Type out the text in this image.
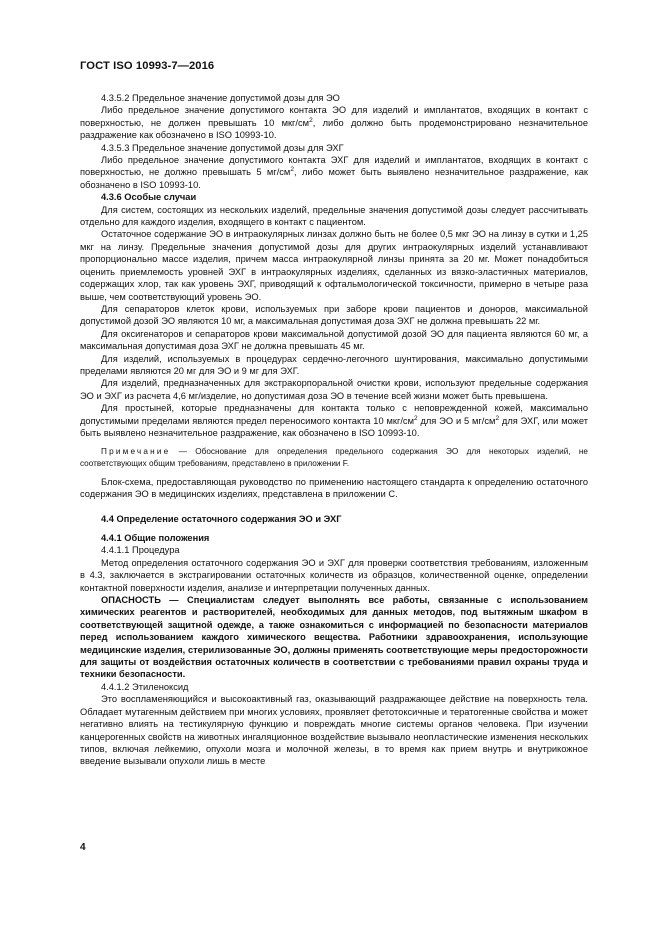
ГОСТ ISO 10993-7—2016

4.3.5.2 Предельное значение допустимой дозы для ЭО

Либо предельное значение допустимого контакта ЭО для изделий и имплантатов, входящих в контакт с поверхностью, не должен превышать 10 мкг/$см^2$, либо должно быть продемонстрировано незначительное раздражение как обозначено в ISO 10993-10.

4.3.5.3 Предельное значение допустимой дозы для ЭХГ

Либо предельное значение допустимого контакта ЭХГ для изделий и имплантатов, входящих в контакт с поверхностью, не должно превышать 5 $мг/см^2$, либо может быть выявлено незначительное раздражение, как обозначено в ISO 10993-10.

4.3.6 Особые случаи

Для систем, состоящих из нескольких изделий, предельные значения допустимой дозы следует рассчитывать отдельно для каждого изделия, входящего в контакт с пациентом.

Остаточное содержание ЭО в интраокулярных линзах должно быть не более 0,5 мкг ЭО на линзу в сутки и 1,25 мкг на линзу. Предельные значения допустимой дозы для других интраокулярных изделий устанавливают пропорционально массе изделия, причем масса интраокулярной линзы принята за 20 мг. Может понадобиться оценить приемлемость уровней ЭХГ в интраокулярных изделиях, сделанных из вязко-эластичных материалов, содержащих хлор, так как уровень ЭХГ, приводящий к офтальмологической токсичности, примерно в четыре раза выше, чем соответствующий уровень ЭО.

Для сепараторов клеток крови, используемых при заборе крови пациентов и доноров, максимальной допустимой дозой ЭО являются 10 мг, а максимальная допустимая доза ЭХГ не должна превышать 22 мг.

Для оксигенаторов и сепараторов крови максимальной допустимой дозой ЭО для пациента являются 60 мг, а максимальная допустимая доза ЭХГ не должна превышать 45 мг.

Для изделий, используемых в процедурах сердечно-легочного шунтирования, максимально допустимыми пределами являются 20 мг для ЭО и 9 мг для ЭХГ.

Для изделий, предназначенных для экстракорпоральной очистки крови, используют предельные содержания ЭО и ЭХГ из расчета 4,6 мг/изделие, но допустимая доза ЭО в течение всей жизни может быть превышена.

Для простыней, которые предназначены для контакта только с неповрежденной кожей, максимально допустимыми пределами являются предел переносимого контакта 10 мкг/$см^2$ для ЭО и 5 $мг/см^2$ для ЭХГ, или может быть выявлено незначительное раздражение, как обозначено в ISO 10993-10.

Примечание — Обоснование для определения предельного содержания ЭО для некоторых изделий, не соответствующих общим требованиям, представлено в приложении F.

Блок-схема, предоставляющая руководство по применению настоящего стандарта к определению остаточного содержания ЭО в медицинских изделиях, представлена в приложении C.

4.4 Определение остаточного содержания ЭО и ЭХГ

4.4.1 Общие положения

4.4.1.1 Процедура

Метод определения остаточного содержания ЭО и ЭХГ для проверки соответствия требованиям, изложенным в 4.3, заключается в экстрагировании остаточных количеств из образцов, количественной оценке, определении контактной поверхности изделия, анализе и интерпретации полученных данных.

ОПАСНОСТЬ — Специалистам следует выполнять все работы, связанные с использованием химических реагентов и растворителей, необходимых для данных методов, под вытяжным шкафом в соответствующей защитной одежде, а также ознакомиться с информацией по безопасности материалов перед использованием каждого химического вещества. Работники здравоохранения, использующие медицинские изделия, стерилизованные ЭО, должны применять соответствующие меры предосторожности для защиты от воздействия остаточных количеств в соответствии с требованиями правил охраны труда и техники безопасности.

4.4.1.2 Этиленоксид

Это воспламеняющийся и высокоактивный газ, оказывающий раздражающее действие на поверхность тела. Обладает мутагенным действием при многих условиях, проявляет фетотоксичные и тератогенные свойства и может негативно влиять на тестикулярную функцию и повреждать многие системы органов человека. При изучении канцерогенных свойств на животных ингаляционное воздействие вызывало неопластические изменения нескольких типов, включая лейкемию, опухоли мозга и молочной железы, в то время как прием внутрь и внутрикожное введение вызывали опухоли лишь в месте

4
